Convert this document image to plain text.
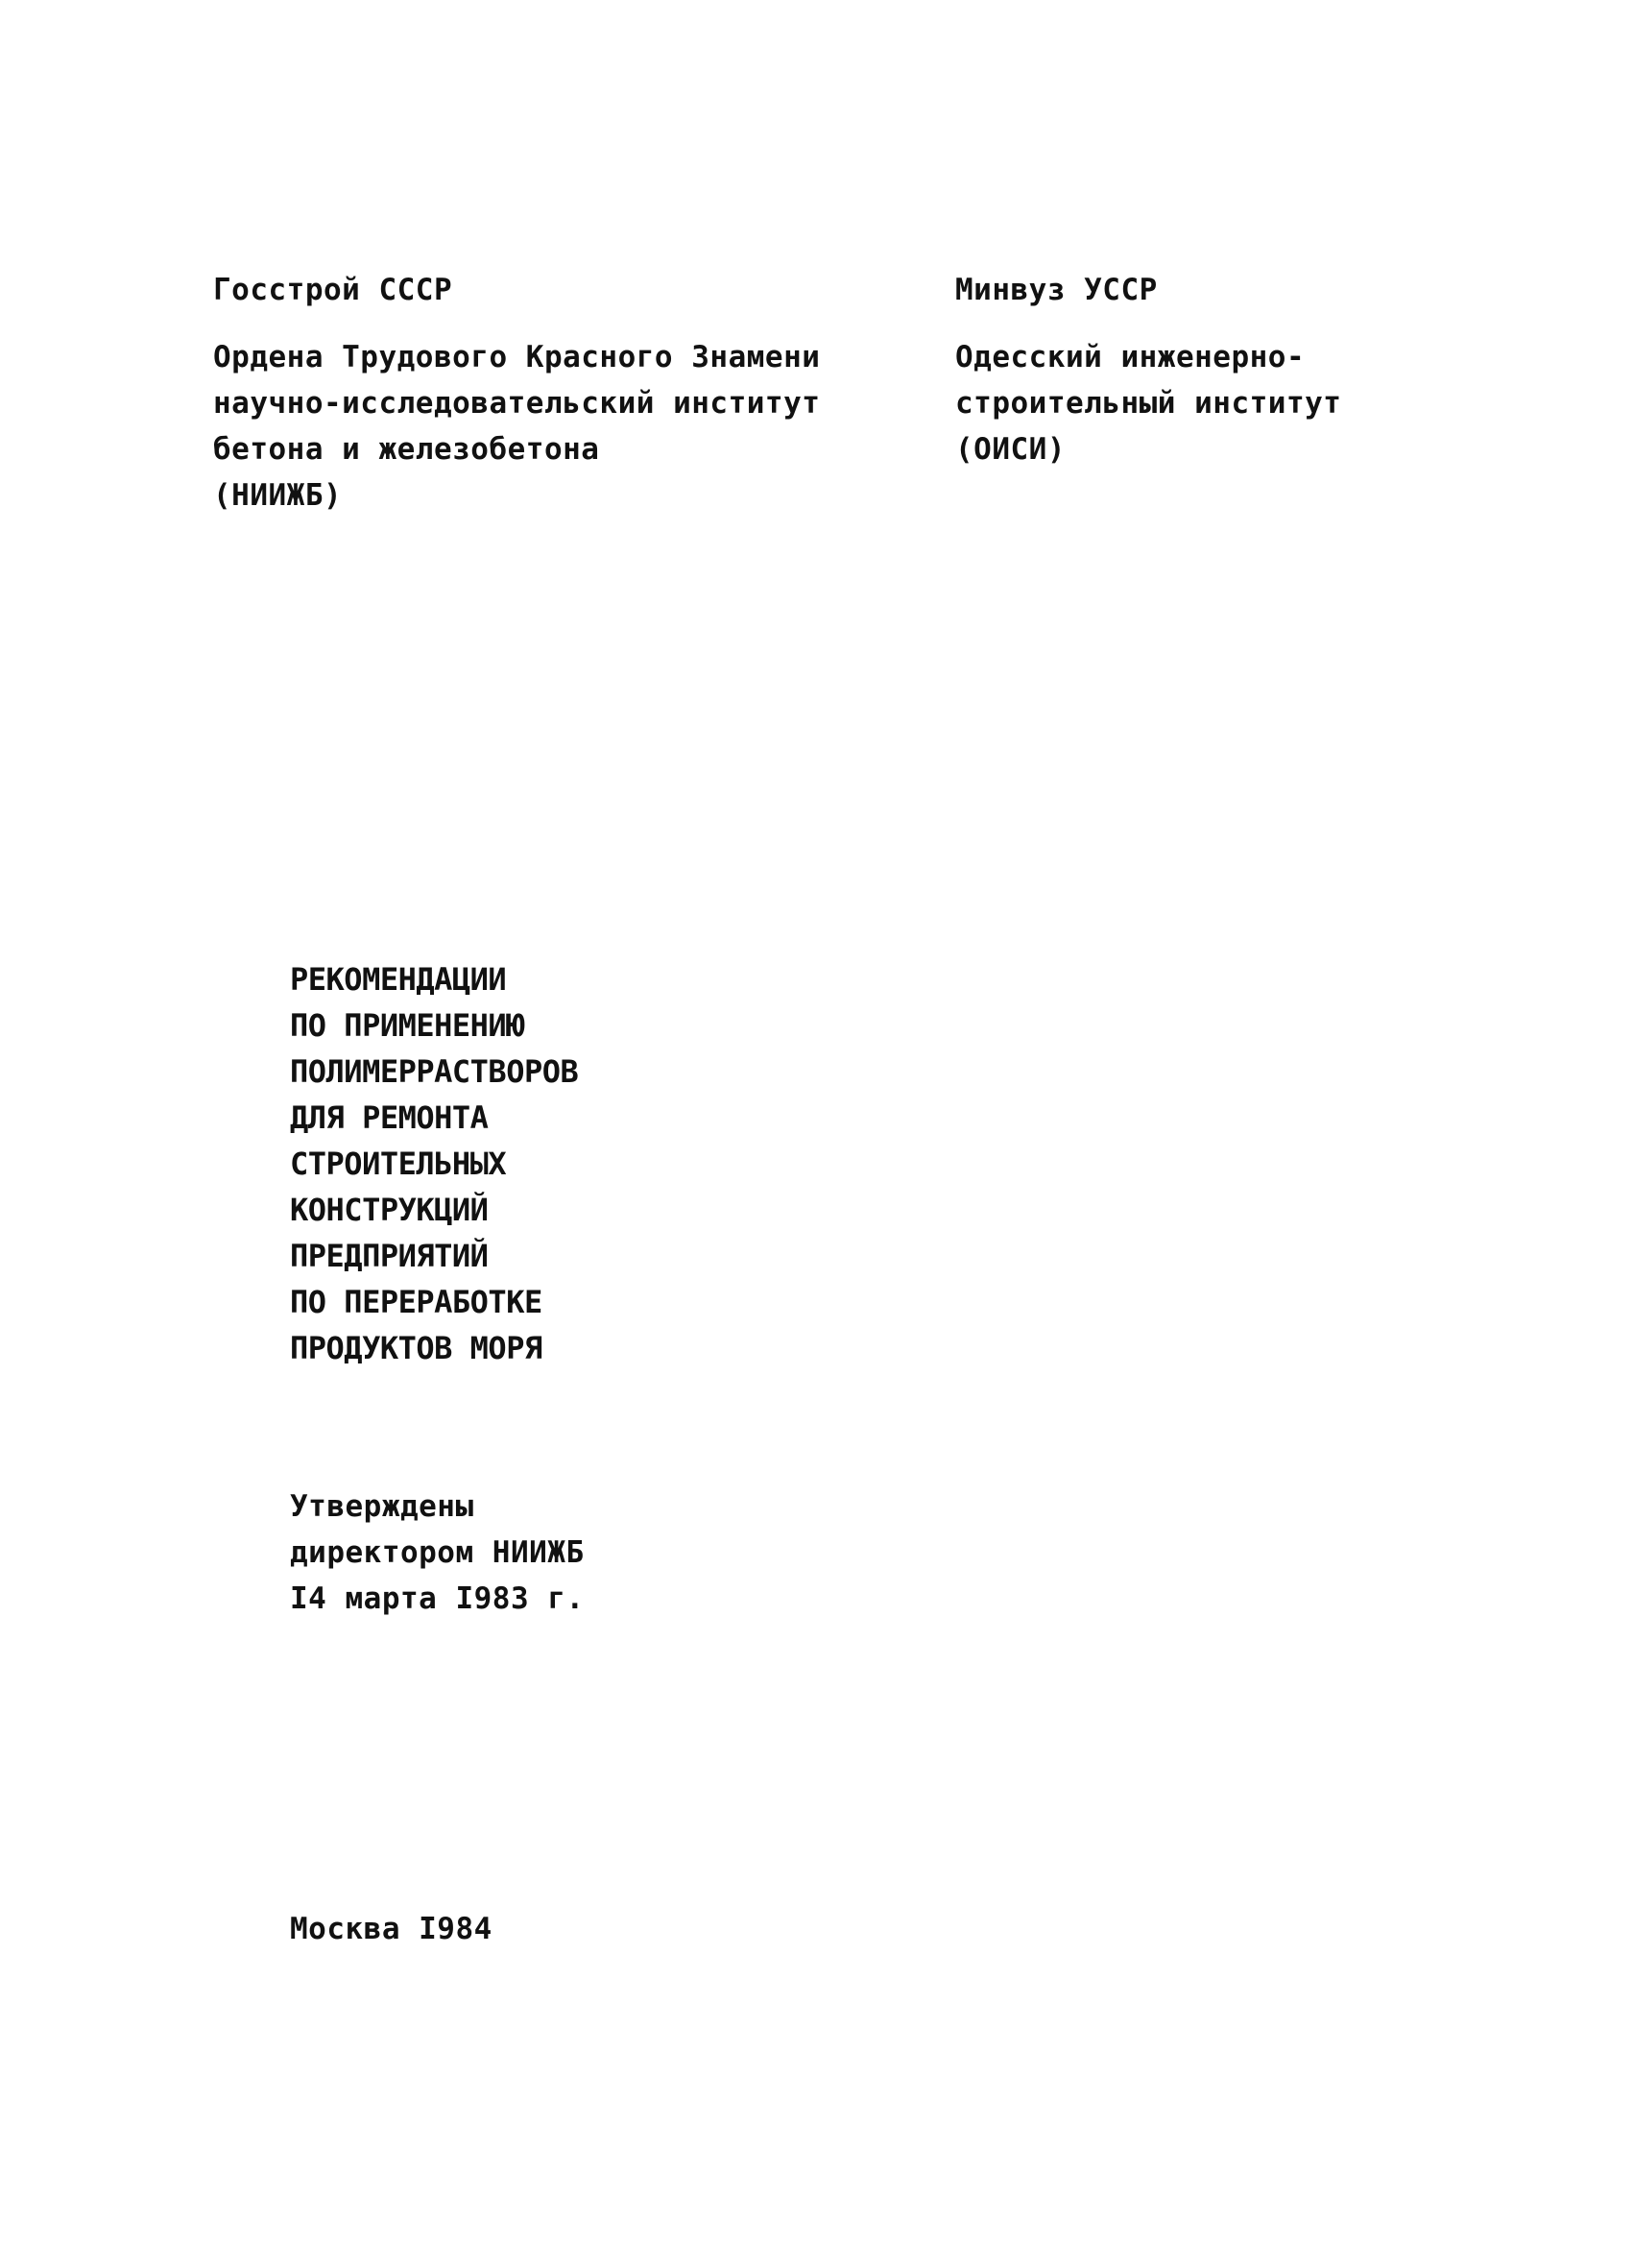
Госстрой СССР
Ордена Трудового Красного Знамени
научно-исследовательский институт
бетона и железобетона
(НИИЖБ)
Минвуз УССР
Одесский инженерно-
строительный институт
(ОИСИ)
РЕКОМЕНДАЦИИ
ПО ПРИМЕНЕНИЮ
ПОЛИМЕРРАСТВОРОВ
ДЛЯ РЕМОНТА
СТРОИТЕЛЬНЫХ
КОНСТРУКЦИЙ
ПРЕДПРИЯТИЙ
ПО ПЕРЕРАБОТКЕ
ПРОДУКТОВ МОРЯ
Утверждены
директором НИИЖБ
I4 марта I983 г.
Москва I984
